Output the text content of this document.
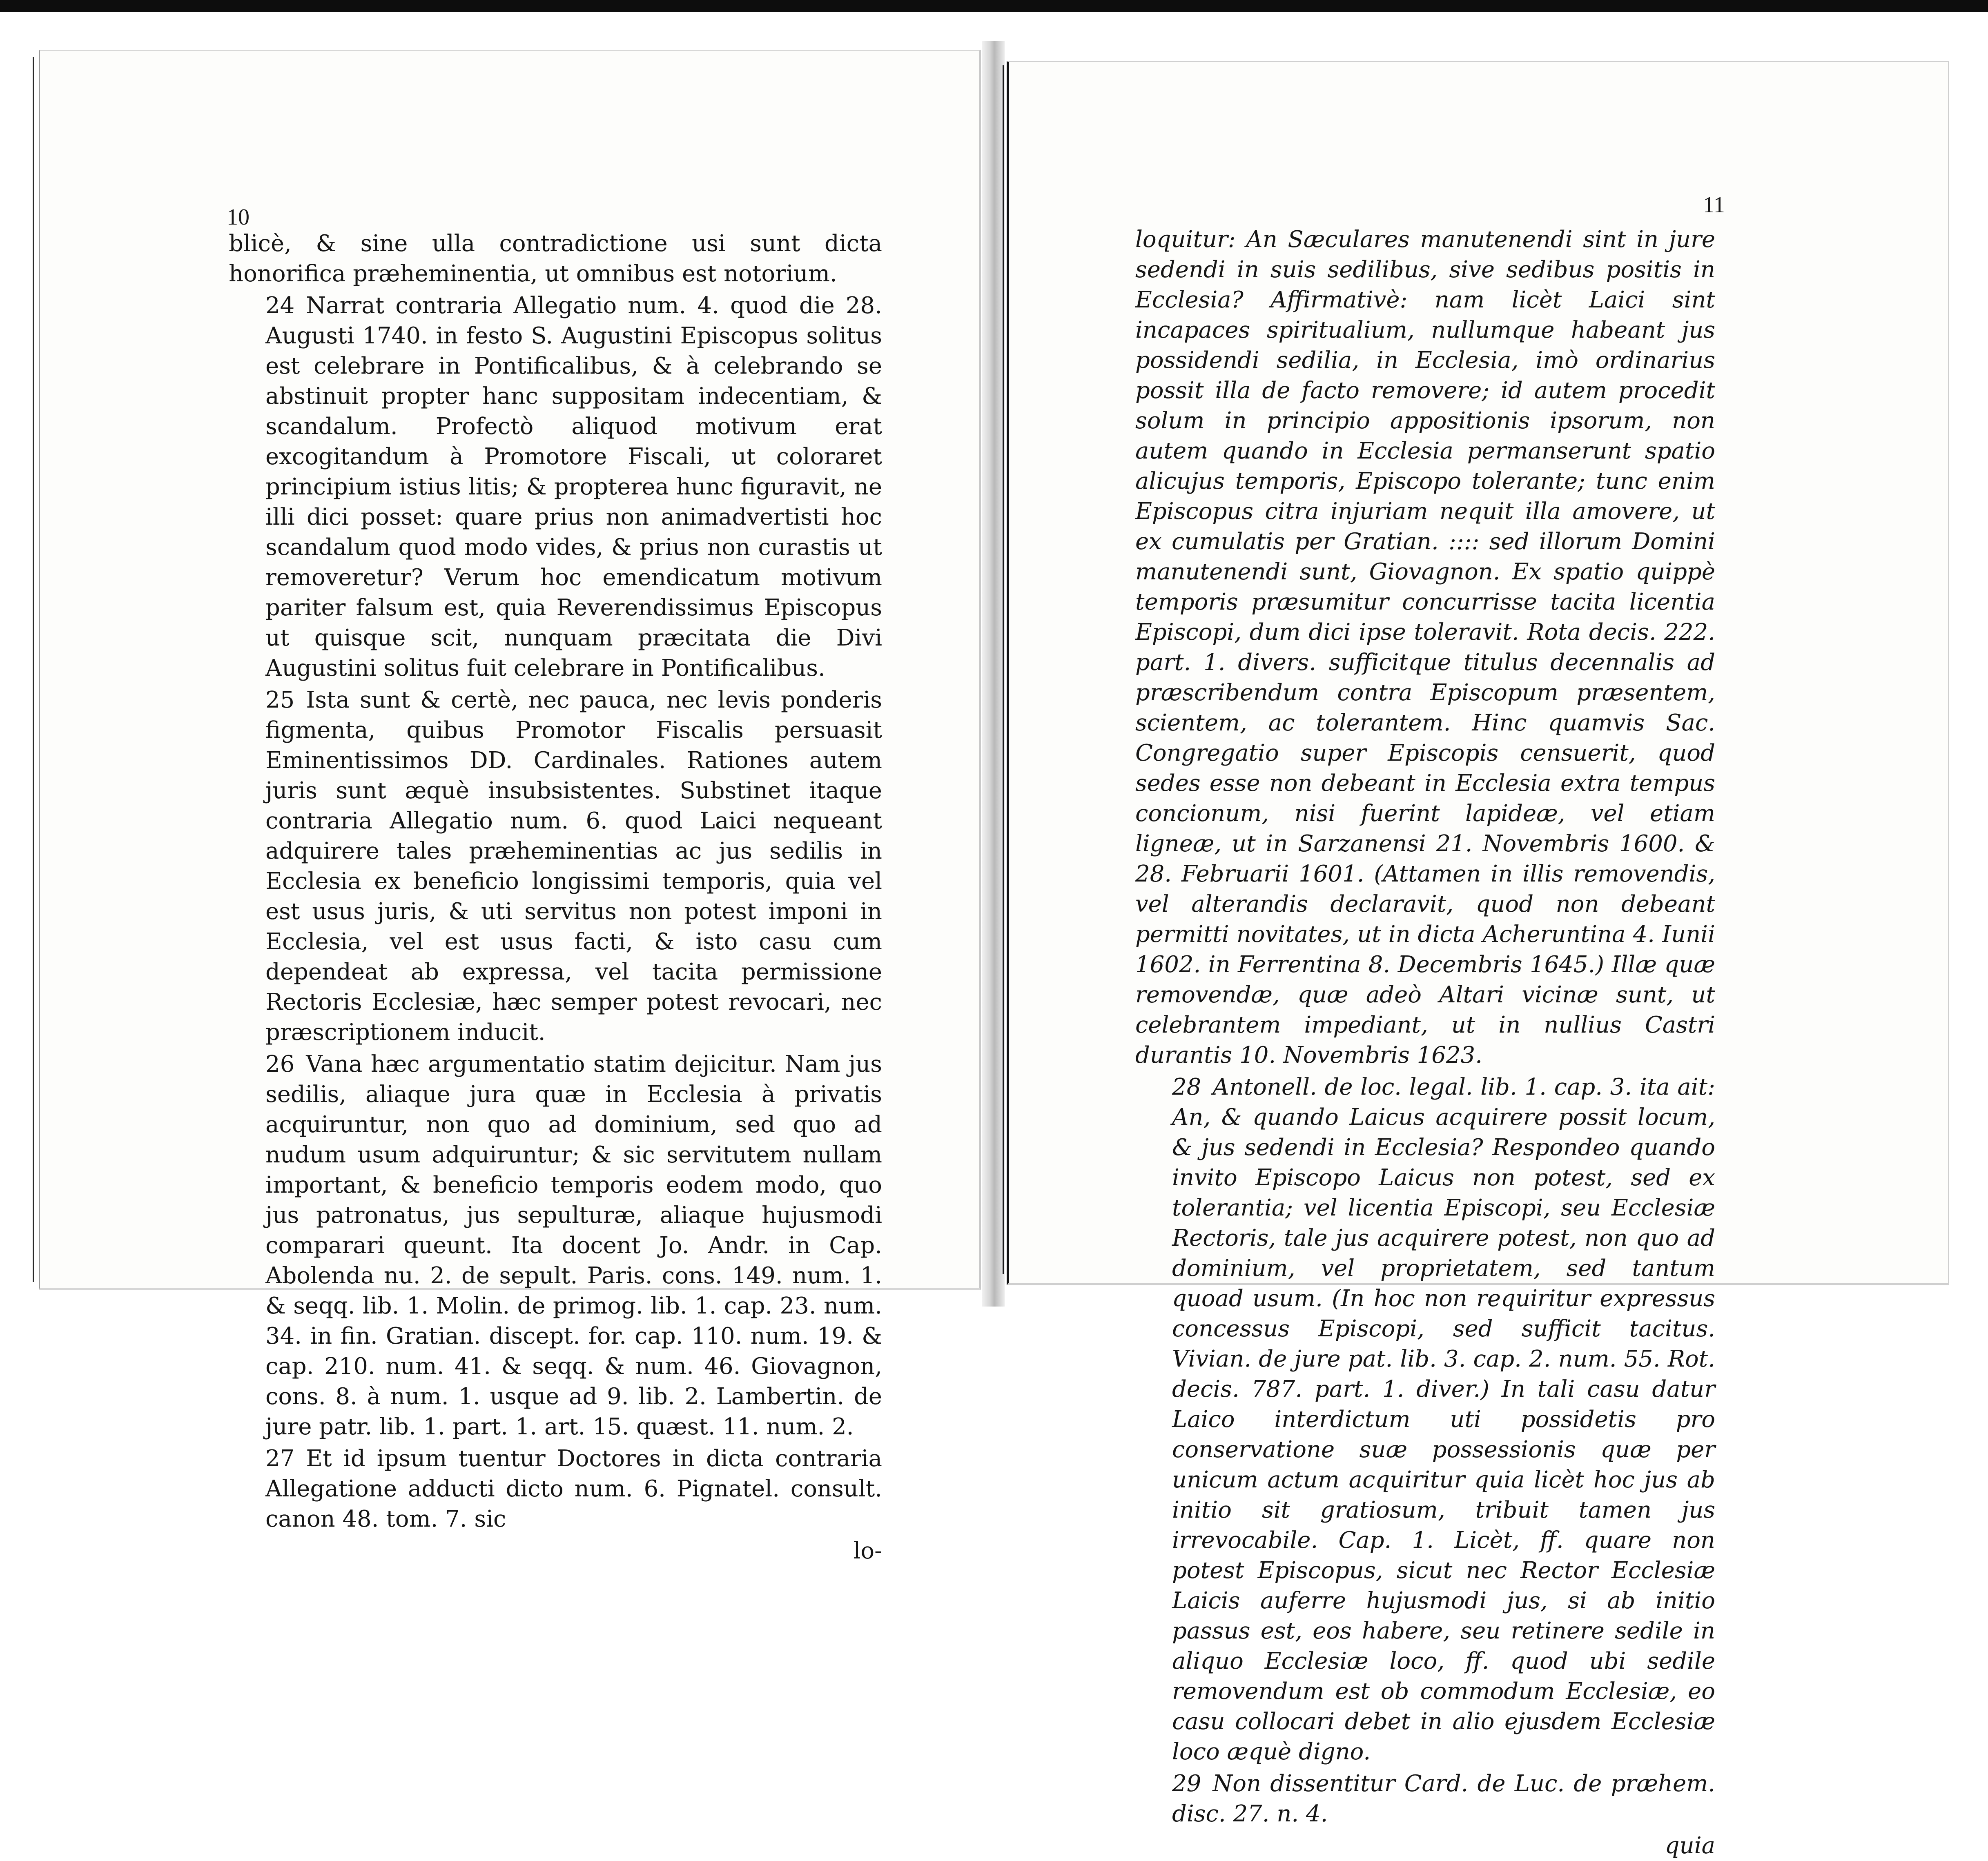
10	11

blicè, & sine ulla contradictione usi sunt dicta honorifica præheminentia, ut omnibus est notorium.

24 Narrat contraria Allegatio num. 4. quod die 28. Augusti 1740. in festo S. Augustini Episcopus solitus est celebrare in Pontificalibus, & à celebrando se abstinuit propter hanc suppositam indecentiam, & scandalum. Profectò aliquod motivum erat excogitandum à Promotore Fiscali, ut coloraret principium istius litis; & propterea hunc figuravit, ne illi dici posset: quare prius non animadvertisti hoc scandalum quod modo vides, & prius non curastis ut removeretur? Verum hoc emendicatum motivum pariter falsum est, quia Reverendissimus Episcopus ut quisque scit, nunquam præcitata die Divi Augustini solitus fuit celebrare in Pontificalibus.

25 Ista sunt & certè, nec pauca, nec levis ponderis figmenta, quibus Promotor Fiscalis persuasit Eminentissimos DD. Cardinales. Rationes autem juris sunt æquè insubsistentes. Substinet itaque contraria Allegatio num. 6. quod Laici nequeant adquirere tales præheminentias ac jus sedilis in Ecclesia ex beneficio longissimi temporis, quia vel est usus juris, & uti servitus non potest imponi in Ecclesia, vel est usus facti, & isto casu cum dependeat ab expressa, vel tacita permissione Rectoris Ecclesiæ, hæc semper potest revocari, nec præscriptionem inducit.

26 Vana hæc argumentatio statim dejicitur. Nam jus sedilis, aliaque jura quæ in Ecclesia à privatis acquiruntur, non quo ad dominium, sed quo ad nudum usum adquiruntur; & sic servitutem nullam important, & beneficio temporis eodem modo, quo jus patronatus, jus sepulturæ, aliaque hujusmodi comparari queunt. Ita docent Jo. Andr. in Cap. Abolenda nu. 2. de sepult. Paris. cons. 149. num. 1. & seqq. lib. 1. Molin. de primog. lib. 1. cap. 23. num. 34. in fin. Gratian. discept. for. cap. 110. num. 19. & cap. 210. num. 41. & seqq. & num. 46. Giovagnon, cons. 8. à num. 1. usque ad 9. lib. 2. Lambertin. de jure patr. lib. 1. part. 1. art. 15. quæst. 11. num. 2.

27 Et id ipsum tuentur Doctores in dicta contraria Allegatione adducti dicto num. 6. Pignatel. consult. canon 48. tom. 7. sic

lo-

loquitur: An Sæculares manutenendi sint in jure sedendi in suis sedilibus, sive sedibus positis in Ecclesia? Affirmativè: nam licèt Laici sint incapaces spiritualium, nullumque habeant jus possidendi sedilia, in Ecclesia, imò ordinarius possit illa de facto removere; id autem procedit solum in principio appositionis ipsorum, non autem quando in Ecclesia permanserunt spatio alicujus temporis, Episcopo tolerante; tunc enim Episcopus citra injuriam nequit illa amovere, ut ex cumulatis per Gratian. :::: sed illorum Domini manutenendi sunt, Giovagnon. Ex spatio quippè temporis præsumitur concurrisse tacita licentia Episcopi, dum dici ipse toleravit. Rota decis. 222. part. 1. divers. sufficitque titulus decennalis ad præscribendum contra Episcopum præsentem, scientem, ac tolerantem. Hinc quamvis Sac. Congregatio super Episcopis censuerit, quod sedes esse non debeant in Ecclesia extra tempus concionum, nisi fuerint lapideæ, vel etiam ligneæ, ut in Sarzanensi 21. Novembris 1600. & 28. Februarii 1601. (Attamen in illis removendis, vel alterandis declaravit, quod non debeant permitti novitates, ut in dicta Acheruntina 4. Iunii 1602. in Ferrentina 8. Decembris 1645.) Illæ quæ removendæ, quæ adeò Altari vicinæ sunt, ut celebrantem impediant, ut in nullius Castri durantis 10. Novembris 1623.

28 Antonell. de loc. legal. lib. 1. cap. 3. ita ait: An, & quando Laicus acquirere possit locum, & jus sedendi in Ecclesia? Respondeo quando invito Episcopo Laicus non potest, sed ex tolerantia; vel licentia Episcopi, seu Ecclesiæ Rectoris, tale jus acquirere potest, non quo ad dominium, vel proprietatem, sed tantum quoad usum. (In hoc non requiritur expressus concessus Episcopi, sed sufficit tacitus. Vivian. de jure pat. lib. 3. cap. 2. num. 55. Rot. decis. 787. part. 1. diver.) In tali casu datur Laico interdictum uti possidetis pro conservatione suæ possessionis quæ per unicum actum acquiritur quia licèt hoc jus ab initio sit gratiosum, tribuit tamen jus irrevocabile. Cap. 1. Licèt, ff. quare non potest Episcopus, sicut nec Rector Ecclesiæ Laicis auferre hujusmodi jus, si ab initio passus est, eos habere, seu retinere sedile in aliquo Ecclesiæ loco, ff. quod ubi sedile removendum est ob commodum Ecclesiæ, eo casu collocari debet in alio ejusdem Ecclesiæ loco æquè digno.

29 Non dissentitur Card. de Luc. de præhem. disc. 27. n. 4.

quia
